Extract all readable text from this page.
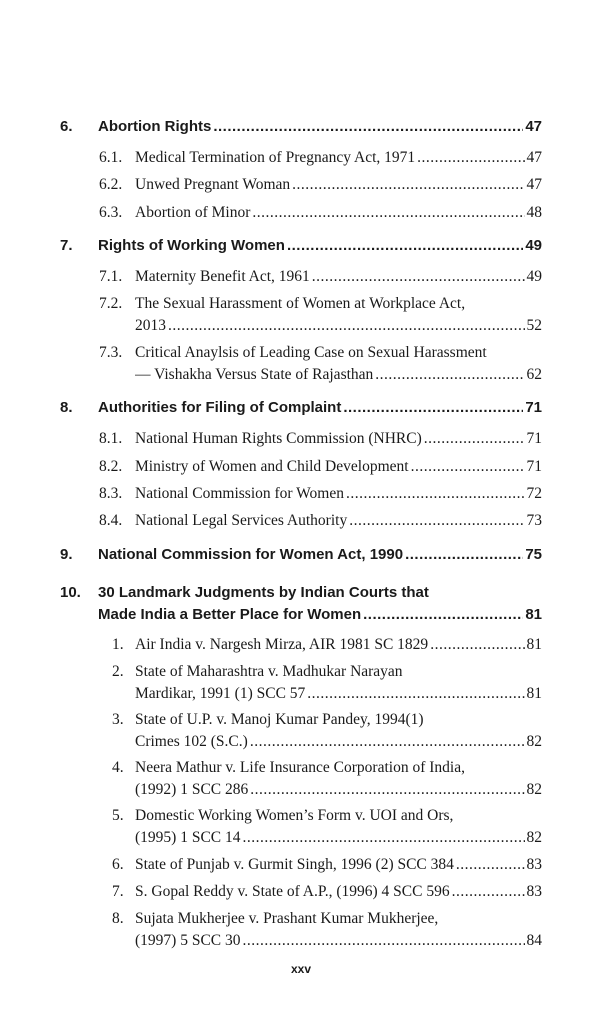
6.	Abortion Rights .....	47
6.1. Medical Termination of Pregnancy Act, 1971 .....	47
6.2. Unwed Pregnant Woman .....	47
6.3. Abortion of Minor .....	48
7.	Rights of Working Women .....	49
7.1. Maternity Benefit Act, 1961 .....	49
7.2. The Sexual Harassment of Women at Workplace Act,
2013 .....	52
7.3. Critical Anaylsis of Leading Case on Sexual Harassment
— Vishakha Versus State of Rajasthan .....	62
8.	Authorities for Filing of Complaint .....	71
8.1. National Human Rights Commission (NHRC) .....	71
8.2. Ministry of Women and Child Development .....	71
8.3. National Commission for Women .....	72
8.4. National Legal Services Authority .....	73
9.	National Commission for Women Act, 1990 .....	75
10.	30 Landmark Judgments by Indian Courts that
Made India a Better Place for Women .....	81
1. Air India v. Nargesh Mirza, AIR 1981 SC 1829 .....	81
2. State of Maharashtra v. Madhukar Narayan
Mardikar, 1991 (1) SCC 57 .....	81
3. State of U.P. v. Manoj Kumar Pandey, 1994(1)
Crimes 102 (S.C.) .....	82
4. Neera Mathur v. Life Insurance Corporation of India,
(1992) 1 SCC 286 .....	82
5. Domestic Working Women’s Form v. UOI and Ors,
(1995) 1 SCC 14 .....	82
6. State of Punjab v. Gurmit Singh, 1996 (2) SCC 384 .....	83
7. S. Gopal Reddy v. State of A.P., (1996) 4 SCC 596 .....	83
8. Sujata Mukherjee v. Prashant Kumar Mukherjee,
(1997) 5 SCC 30 .....	84
xxv
